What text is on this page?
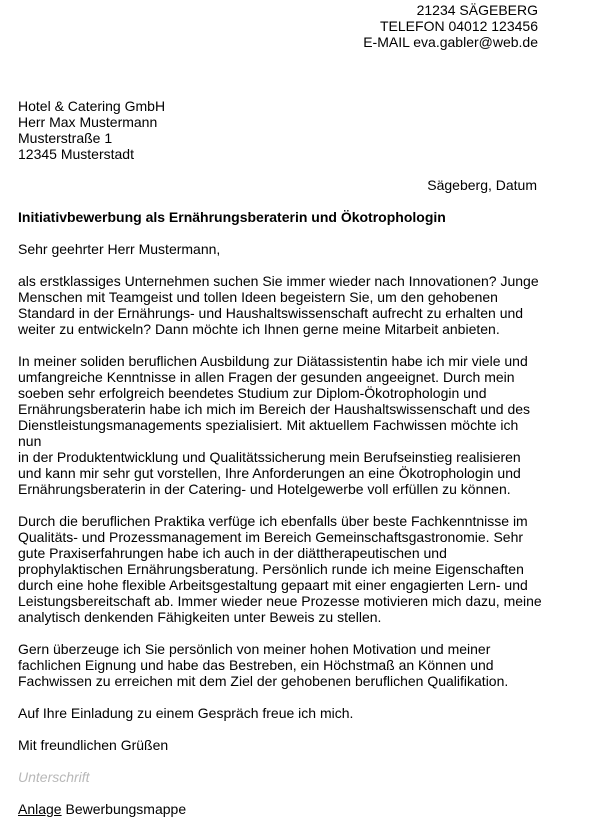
21234 SÄGEBERG
TELEFON 04012 123456
E-MAIL eva.gabler@web.de
Hotel & Catering GmbH
Herr Max Mustermann
Musterstraße 1
12345 Musterstadt
Sägeberg, Datum
Initiativbewerbung als Ernährungsberaterin und Ökotrophologin
Sehr geehrter Herr Mustermann,
als erstklassiges Unternehmen suchen Sie immer wieder nach Innovationen? Junge
Menschen mit Teamgeist und tollen Ideen begeistern Sie, um den gehobenen
Standard in der Ernährungs- und Haushaltswissenschaft aufrecht zu erhalten und
weiter zu entwickeln? Dann möchte ich Ihnen gerne meine Mitarbeit anbieten.
In meiner soliden beruflichen Ausbildung zur Diätassistentin habe ich mir viele und
umfangreiche Kenntnisse in allen Fragen der gesunden angeeignet. Durch mein
soeben sehr erfolgreich beendetes Studium zur Diplom-Ökotrophologin und
Ernährungsberaterin habe ich mich im Bereich der Haushaltswissenschaft und des
Dienstleistungsmanagements spezialisiert. Mit aktuellem Fachwissen möchte ich nun
in der Produktentwicklung und Qualitätssicherung mein Berufseinstieg realisieren
und kann mir sehr gut vorstellen, Ihre Anforderungen an eine Ökotrophologin und
Ernährungsberaterin in der Catering- und Hotelgewerbe voll erfüllen zu können.
Durch die beruflichen Praktika verfüge ich ebenfalls über beste Fachkenntnisse im
Qualitäts- und Prozessmanagement im Bereich Gemeinschaftsgastronomie. Sehr
gute Praxiserfahrungen habe ich auch in der diättherapeutischen und
prophylaktischen Ernährungsberatung. Persönlich runde ich meine Eigenschaften
durch eine hohe flexible Arbeitsgestaltung gepaart mit einer engagierten Lern- und
Leistungsbereitschaft ab. Immer wieder neue Prozesse motivieren mich dazu, meine
analytisch denkenden Fähigkeiten unter Beweis zu stellen.
Gern überzeuge ich Sie persönlich von meiner hohen Motivation und meiner
fachlichen Eignung und habe das Bestreben, ein Höchstmaß an Können und
Fachwissen zu erreichen mit dem Ziel der gehobenen beruflichen Qualifikation.
Auf Ihre Einladung zu einem Gespräch freue ich mich.
Mit freundlichen Grüßen
Unterschrift
Anlage Bewerbungsmappe
